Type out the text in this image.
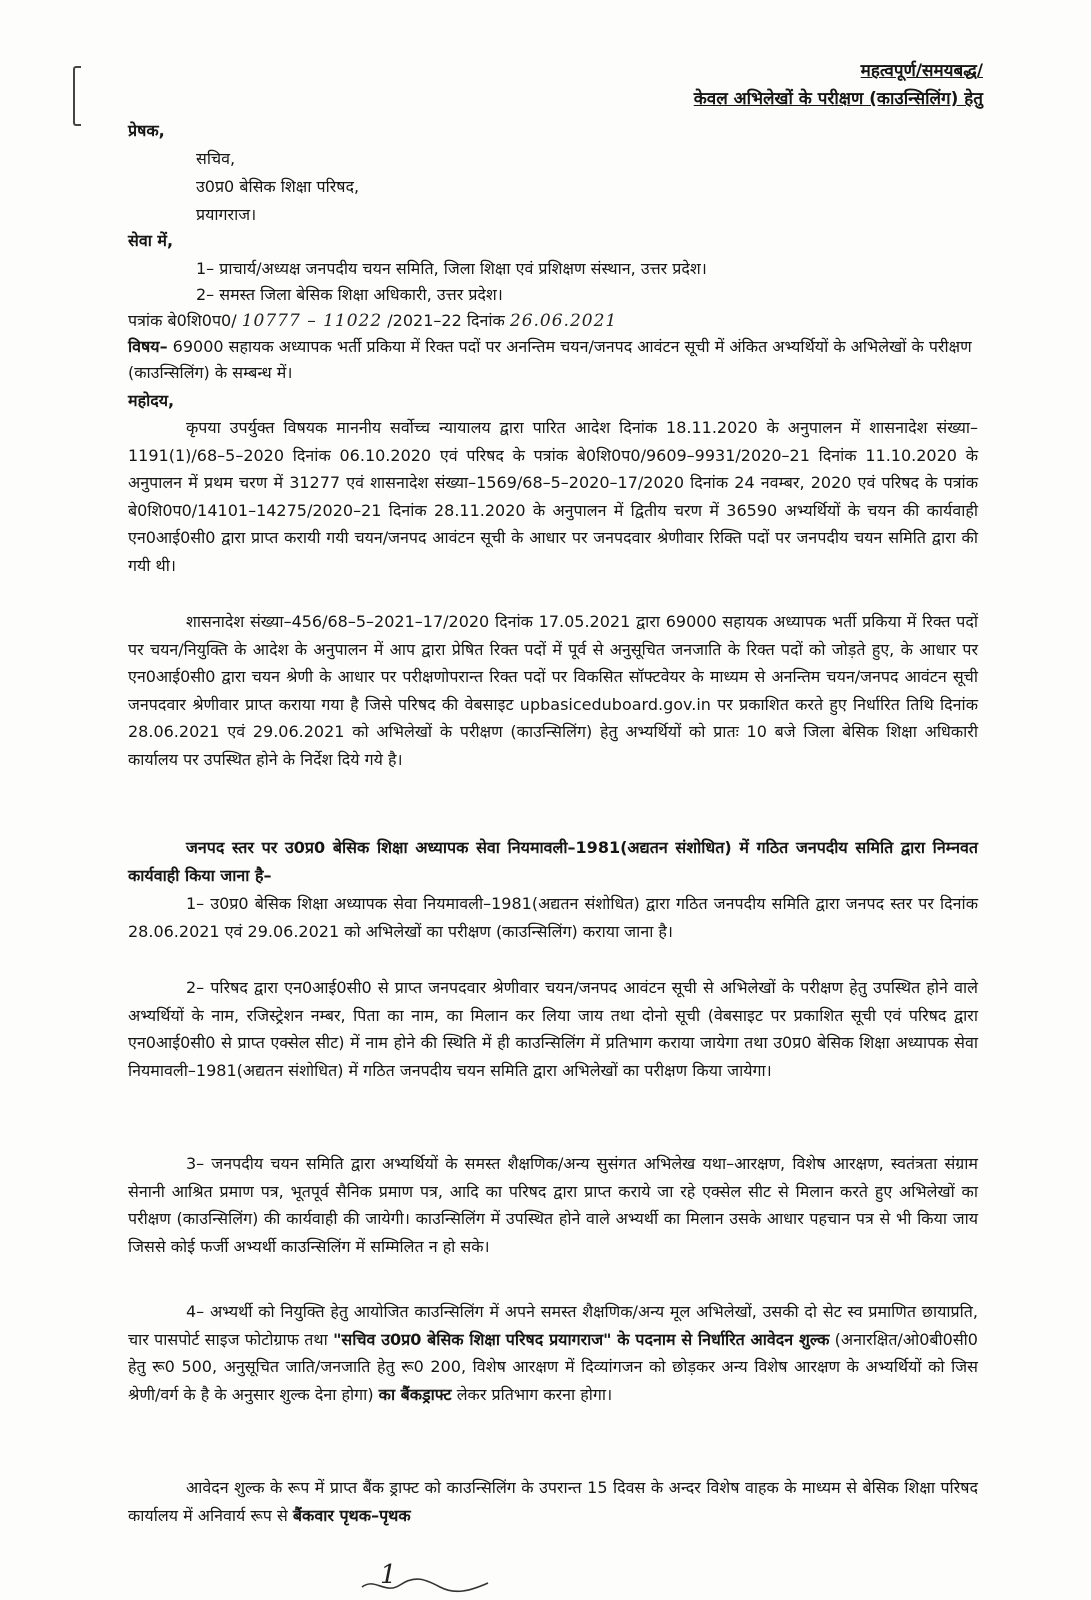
महत्वपूर्ण/समयबद्ध/
केवल अभिलेखों के परीक्षण (काउन्सिलिंग) हेतु
प्रेषक,
सचिव,
उ0प्र0 बेसिक शिक्षा परिषद,
प्रयागराज।
सेवा में,
1– प्राचार्य/अध्यक्ष जनपदीय चयन समिति, जिला शिक्षा एवं प्रशिक्षण संस्थान, उत्तर प्रदेश।
2– समस्त जिला बेसिक शिक्षा अधिकारी, उत्तर प्रदेश।
पत्रांक बे0शि0प0/ 10777 – 11022 /2021–22 दिनांक 26.06.2021
विषय– 69000 सहायक अध्यापक भर्ती प्रकिया में रिक्त पदों पर अनन्तिम चयन/जनपद आवंटन सूची में अंकित अभ्यर्थियों के अभिलेखों के परीक्षण (काउन्सिलिंग) के सम्बन्ध में।
महोदय,
कृपया उपर्युक्त विषयक माननीय सर्वोच्च न्यायालय द्वारा पारित आदेश दिनांक 18.11.2020 के अनुपालन में शासनादेश संख्या–1191(1)/68–5–2020 दिनांक 06.10.2020 एवं परिषद के पत्रांक बे0शि0प0/9609–9931/2020–21 दिनांक 11.10.2020 के अनुपालन में प्रथम चरण में 31277 एवं शासनादेश संख्या–1569/68–5–2020–17/2020 दिनांक 24 नवम्बर, 2020 एवं परिषद के पत्रांक बे0शि0प0/14101–14275/2020–21 दिनांक 28.11.2020 के अनुपालन में द्वितीय चरण में 36590 अभ्यर्थियों के चयन की कार्यवाही एन0आई0सी0 द्वारा प्राप्त करायी गयी चयन/जनपद आवंटन सूची के आधार पर जनपदवार श्रेणीवार रिक्ति पदों पर जनपदीय चयन समिति द्वारा की गयी थी।
शासनादेश संख्या–456/68–5–2021–17/2020 दिनांक 17.05.2021 द्वारा 69000 सहायक अध्यापक भर्ती प्रकिया में रिक्त पदों पर चयन/नियुक्ति के आदेश के अनुपालन में आप द्वारा प्रेषित रिक्त पदों में पूर्व से अनुसूचित जनजाति के रिक्त पदों को जोड़ते हुए, के आधार पर एन0आई0सी0 द्वारा चयन श्रेणी के आधार पर परीक्षणोपरान्त रिक्त पदों पर विकसित सॉफ्टवेयर के माध्यम से अनन्तिम चयन/जनपद आवंटन सूची जनपदवार श्रेणीवार प्राप्त कराया गया है जिसे परिषद की वेबसाइट upbasiceduboard.gov.in पर प्रकाशित करते हुए निर्धारित तिथि दिनांक 28.06.2021 एवं 29.06.2021 को अभिलेखों के परीक्षण (काउन्सिलिंग) हेतु अभ्यर्थियों को प्रातः 10 बजे जिला बेसिक शिक्षा अधिकारी कार्यालय पर उपस्थित होने के निर्देश दिये गये है।
जनपद स्तर पर उ0प्र0 बेसिक शिक्षा अध्यापक सेवा नियमावली–1981(अद्यतन संशोधित) में गठित जनपदीय समिति द्वारा निम्नवत कार्यवाही किया जाना है–
1– उ0प्र0 बेसिक शिक्षा अध्यापक सेवा नियमावली–1981(अद्यतन संशोधित) द्वारा गठित जनपदीय समिति द्वारा जनपद स्तर पर दिनांक 28.06.2021 एवं 29.06.2021 को अभिलेखों का परीक्षण (काउन्सिलिंग) कराया जाना है।
2– परिषद द्वारा एन0आई0सी0 से प्राप्त जनपदवार श्रेणीवार चयन/जनपद आवंटन सूची से अभिलेखों के परीक्षण हेतु उपस्थित होने वाले अभ्यर्थियों के नाम, रजिस्ट्रेशन नम्बर, पिता का नाम, का मिलान कर लिया जाय तथा दोनो सूची (वेबसाइट पर प्रकाशित सूची एवं परिषद द्वारा एन0आई0सी0 से प्राप्त एक्सेल सीट) में नाम होने की स्थिति में ही काउन्सिलिंग में प्रतिभाग कराया जायेगा तथा उ0प्र0 बेसिक शिक्षा अध्यापक सेवा नियमावली–1981(अद्यतन संशोधित) में गठित जनपदीय चयन समिति द्वारा अभिलेखों का परीक्षण किया जायेगा।
3– जनपदीय चयन समिति द्वारा अभ्यर्थियों के समस्त शैक्षणिक/अन्य सुसंगत अभिलेख यथा–आरक्षण, विशेष आरक्षण, स्वतंत्रता संग्राम सेनानी आश्रित प्रमाण पत्र, भूतपूर्व सैनिक प्रमाण पत्र, आदि का परिषद द्वारा प्राप्त कराये जा रहे एक्सेल सीट से मिलान करते हुए अभिलेखों का परीक्षण (काउन्सिलिंग) की कार्यवाही की जायेगी। काउन्सिलिंग में उपस्थित होने वाले अभ्यर्थी का मिलान उसके आधार पहचान पत्र से भी किया जाय जिससे कोई फर्जी अभ्यर्थी काउन्सिलिंग में सम्मिलित न हो सके।
4– अभ्यर्थी को नियुक्ति हेतु आयोजित काउन्सिलिंग में अपने समस्त शैक्षणिक/अन्य मूल अभिलेखों, उसकी दो सेट स्व प्रमाणित छायाप्रति, चार पासपोर्ट साइज फोटोग्राफ तथा "सचिव उ0प्र0 बेसिक शिक्षा परिषद प्रयागराज" के पदनाम से निर्धारित आवेदन शुल्क (अनारक्षित/ओ0बी0सी0 हेतु रू0 500, अनुसूचित जाति/जनजाति हेतु रू0 200, विशेष आरक्षण में दिव्यांगजन को छोड़कर अन्य विशेष आरक्षण के अभ्यर्थियों को जिस श्रेणी/वर्ग के है के अनुसार शुल्क देना होगा) का बैंकड्राफ्ट लेकर प्रतिभाग करना होगा।
आवेदन शुल्क के रूप में प्राप्त बैंक ड्राफ्ट को काउन्सिलिंग के उपरान्त 15 दिवस के अन्दर विशेष वाहक के माध्यम से बेसिक शिक्षा परिषद कार्यालय में अनिवार्य रूप से बैंकवार पृथक–पृथक
1
